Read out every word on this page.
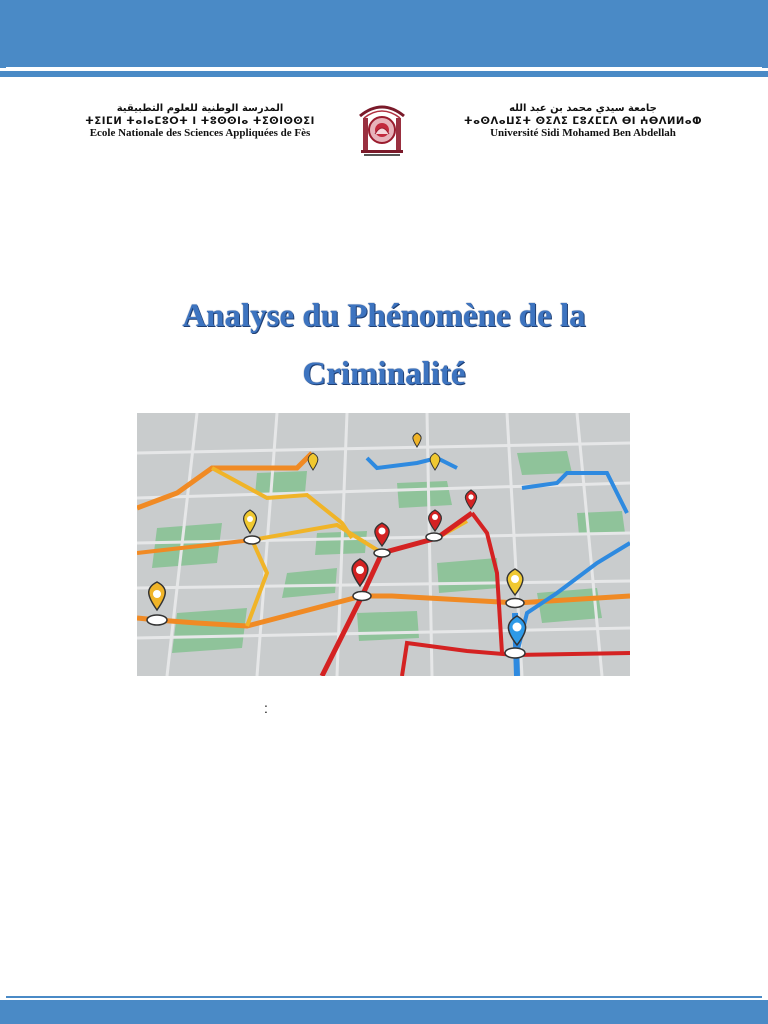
المدرسة الوطنية للعلوم التطبيقية
ⵜⵉⵏⵎⵍ ⵜⴰⵏⴰⵎⵓⵔⵜ ⵏ ⵜⵓⵙⵙⵏⴰ ⵜⵉⵙⵏⵙⵙⵉⵏ
Ecole Nationale des Sciences Appliquées de Fès
جامعة سيدي محمد بن عبد الله
ⵜⴰⵙⴷⴰⵡⵉⵜ ⵙⵉⴷⵉ ⵎⵓⵃⵎⵎⴷ ⴱⵏ ⵄⴱⴷⵍⵍⴰⵀ
Université Sidi Mohamed Ben Abdellah
Analyse du Phénomène de la
Criminalité
:
